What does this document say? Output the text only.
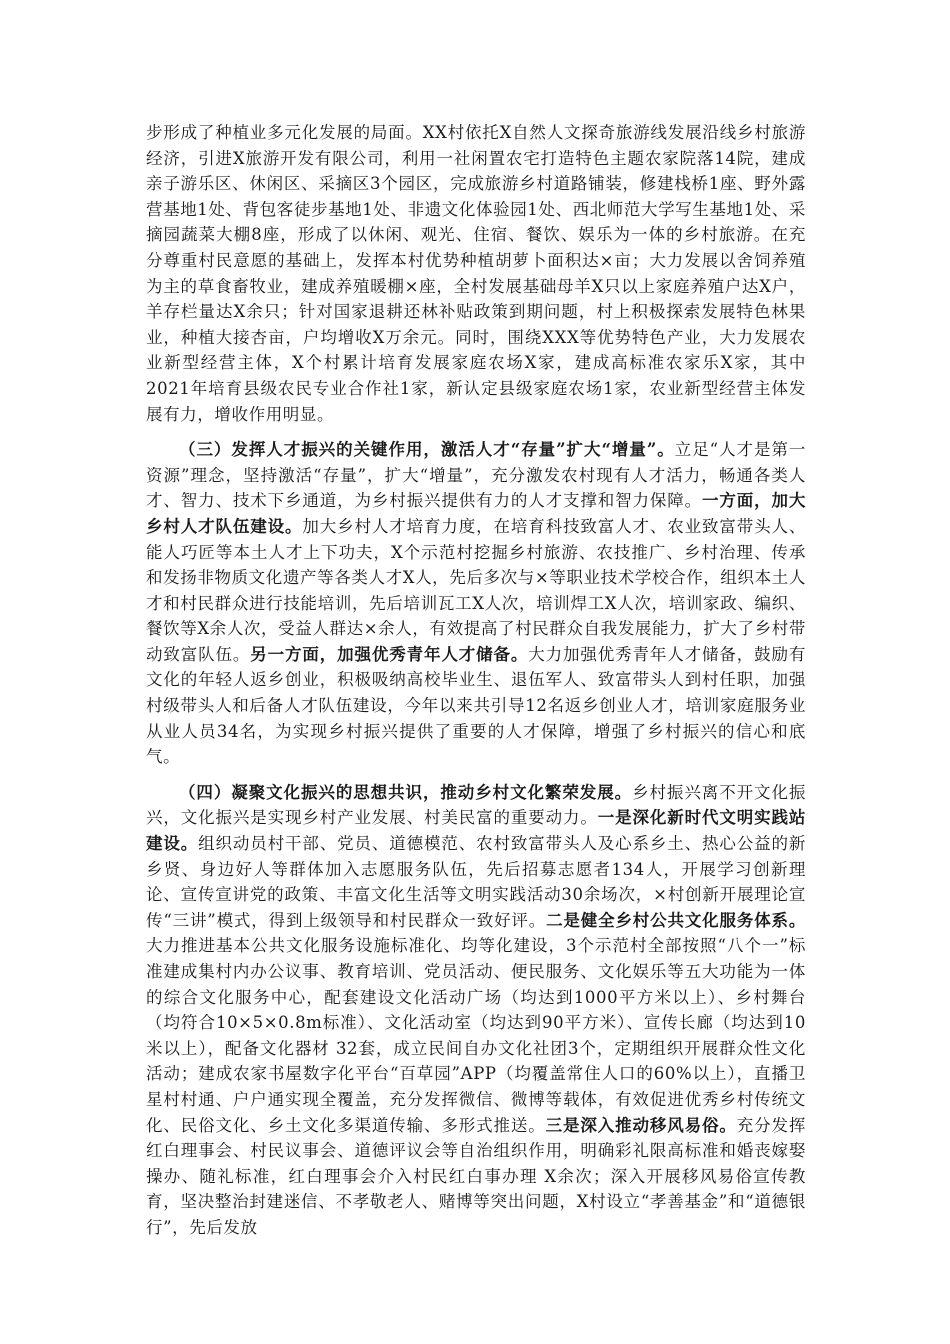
步形成了种植业多元化发展的局面。XX村依托X自然人文探奇旅游线发展沿线乡村旅游经济，引进X旅游开发有限公司，利用一社闲置农宅打造特色主题农家院落14院，建成亲子游乐区、休闲区、采摘区3个园区，完成旅游乡村道路铺装，修建栈桥1座、野外露营基地1处、背包客徒步基地1处、非遗文化体验园1处、西北师范大学写生基地1处、采摘园蔬菜大棚8座，形成了以休闲、观光、住宿、餐饮、娱乐为一体的乡村旅游。在充分尊重村民意愿的基础上，发挥本村优势种植胡萝卜面积达×亩；大力发展以舍饲养殖为主的草食畜牧业，建成养殖暖棚×座，全村发展基础母羊X只以上家庭养殖户达X户，羊存栏量达X余只；针对国家退耕还林补贴政策到期问题，村上积极探索发展特色林果业，种植大接杏亩，户均增收X万余元。同时，围绕XXX等优势特色产业，大力发展农业新型经营主体，X个村累计培育发展家庭农场X家，建成高标准农家乐X家，其中2021年培育县级农民专业合作社1家，新认定县级家庭农场1家，农业新型经营主体发展有力，增收作用明显。

（三）发挥人才振兴的关键作用，激活人才“存量”扩大“增量”。立足“人才是第一资源”理念，坚持激活“存量”，扩大“增量”，充分激发农村现有人才活力，畅通各类人才、智力、技术下乡通道，为乡村振兴提供有力的人才支撑和智力保障。一方面，加大乡村人才队伍建设。加大乡村人才培育力度，在培育科技致富人才、农业致富带头人、能人巧匠等本土人才上下功夫，X个示范村挖掘乡村旅游、农技推广、乡村治理、传承和发扬非物质文化遗产等各类人才X人，先后多次与×等职业技术学校合作，组织本土人才和村民群众进行技能培训，先后培训瓦工X人次，培训焊工X人次，培训家政、编织、餐饮等X余人次，受益人群达×余人，有效提高了村民群众自我发展能力，扩大了乡村带动致富队伍。另一方面，加强优秀青年人才储备。大力加强优秀青年人才储备，鼓励有文化的年轻人返乡创业，积极吸纳高校毕业生、退伍军人、致富带头人到村任职，加强村级带头人和后备人才队伍建设，今年以来共引导12名返乡创业人才，培训家庭服务业从业人员34名，为实现乡村振兴提供了重要的人才保障，增强了乡村振兴的信心和底气。

（四）凝聚文化振兴的思想共识，推动乡村文化繁荣发展。乡村振兴离不开文化振兴，文化振兴是实现乡村产业发展、村美民富的重要动力。一是深化新时代文明实践站建设。组织动员村干部、党员、道德模范、农村致富带头人及心系乡土、热心公益的新乡贤、身边好人等群体加入志愿服务队伍，先后招募志愿者134人，开展学习创新理论、宣传宣讲党的政策、丰富文化生活等文明实践活动30余场次，×村创新开展理论宣传“三讲”模式，得到上级领导和村民群众一致好评。二是健全乡村公共文化服务体系。大力推进基本公共文化服务设施标准化、均等化建设，3个示范村全部按照“八个一”标准建成集村内办公议事、教育培训、党员活动、便民服务、文化娱乐等五大功能为一体的综合文化服务中心，配套建设文化活动广场（均达到1000平方米以上）、乡村舞台（均符合10×5×0.8m标准）、文化活动室（均达到90平方米）、宣传长廊（均达到10米以上），配备文化器材 32套，成立民间自办文化社团3个，定期组织开展群众性文化活动；建成农家书屋数字化平台“百草园”APP（均覆盖常住人口的60%以上），直播卫星村村通、户户通实现全覆盖，充分发挥微信、微博等载体，有效促进优秀乡村传统文化、民俗文化、乡土文化多渠道传输、多形式推送。三是深入推动移风易俗。充分发挥红白理事会、村民议事会、道德评议会等自治组织作用，明确彩礼限高标准和婚丧嫁娶操办、随礼标准，红白理事会介入村民红白事办理 X余次；深入开展移风易俗宣传教育，坚决整治封建迷信、不孝敬老人、赌博等突出问题，X村设立“孝善基金”和“道德银行”，先后发放
